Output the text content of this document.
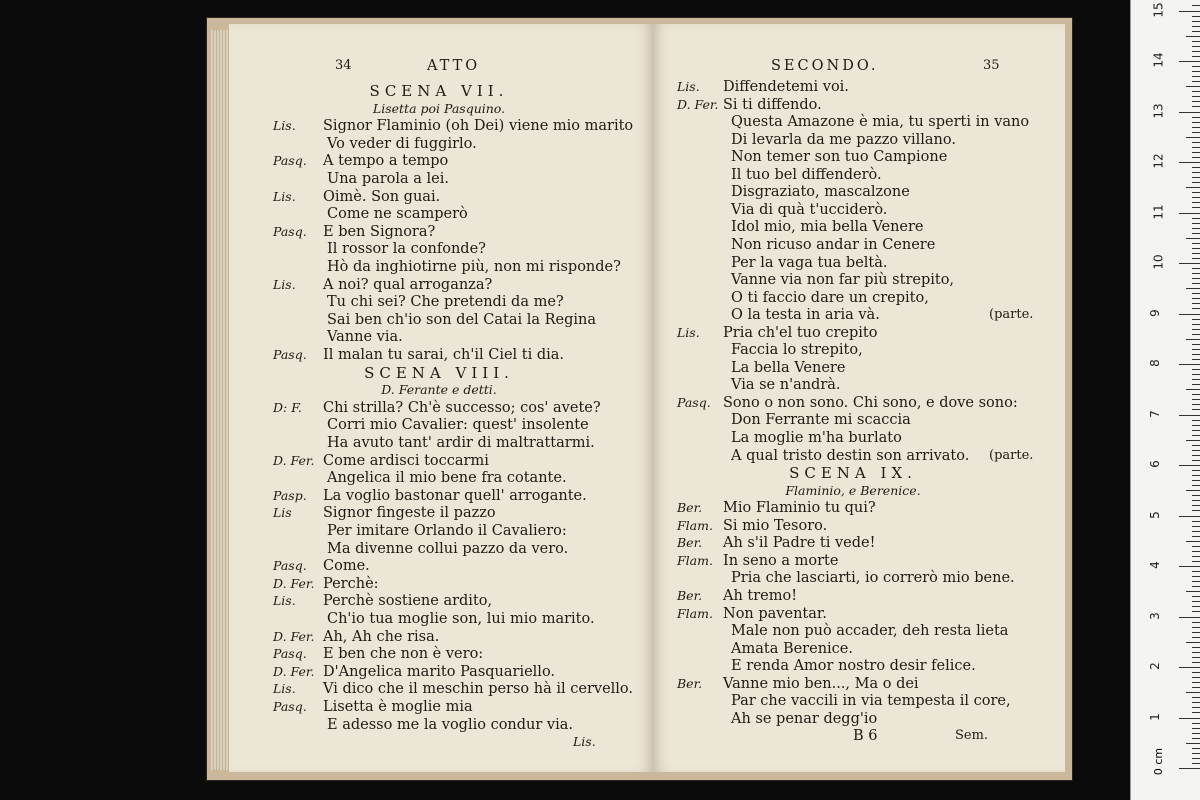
34	ATTO
SCENA VII.
Lisetta poi Pasquino.
Lis. Signor Flaminio (oh Dei) viene mio marito
Vo veder di fuggirlo.
Pasq. A tempo a tempo
Una parola a lei.
Lis. Oimè. Son guai.
Come ne scamperò
Pasq. E ben Signora?
Il rossor la confonde?
Hò da inghiotirne più, non mi risponde?
Lis. A noi? qual arroganza?
Tu chi sei? Che pretendi da me?
Sai ben ch'io son del Catai la Regina
Vanne via.
Pasq. Il malan tu sarai, ch'il Ciel ti dia.
SCENA VIII.
D. Ferante e detti.
D: F. Chi strilla? Ch'è successo; cos' avete?
Corri mio Cavalier: quest' insolente
Ha avuto tant' ardir di maltrattarmi.
D. Fer. Come ardisci toccarmi
Angelica il mio bene fra cotante.
Pasp. La voglio bastonar quell' arrogante.
Lis Signor fingeste il pazzo
Per imitare Orlando il Cavaliero:
Ma divenne collui pazzo da vero.
Pasq. Come.
D. Fer. Perchè:
Lis. Perchè sostiene ardito,
Ch'io tua moglie son, lui mio marito.
D. Fer. Ah, Ah che risa.
Pasq. E ben che non è vero:
D. Fer. D'Angelica marito Pasquariello.
Lis. Vi dico che il meschin perso hà il cervello.
Pasq. Lisetta è moglie mia
E adesso me la voglio condur via.
Lis.
SECONDO.	35
Lis. Diffendetemi voi.
D. Fer. Si ti diffendo.
Questa Amazone è mia, tu sperti in vano
Di levarla da me pazzo villano.
Non temer son tuo Campione
Il tuo bel diffenderò.
Disgraziato, mascalzone
Via di quà t'ucciderò.
Idol mio, mia bella Venere
Non ricuso andar in Cenere
Per la vaga tua beltà.
Vanne via non far più strepito,
O ti faccio dare un crepito,
O la testa in aria và.	(parte.
Lis. Pria ch'el tuo crepito
Faccia lo strepito,
La bella Venere
Via se n'andrà.
Pasq. Sono o non sono. Chi sono, e dove sono:
Don Ferrante mi scaccia
La moglie m'ha burlato
A qual tristo destin son arrivato. (parte.
SCENA IX.
Flaminio, e Berenice.
Ber. Mio Flaminio tu qui?
Flam. Si mio Tesoro.
Ber. Ah s'il Padre ti vede!
Flam. In seno a morte
Pria che lasciarti, io correrò mio bene.
Ber. Ah tremo!
Flam. Non paventar.
Male non può accader, deh resta lieta
Amata Berenice.
E renda Amor nostro desir felice.
Ber. Vanne mio ben..., Ma o dei
Par che vaccili in via tempesta il core,
Ah se penar degg'io
B 6	Sem.
0 cm
15
14
13
12
11
10
9
8
7
6
5
4
3
2
1
